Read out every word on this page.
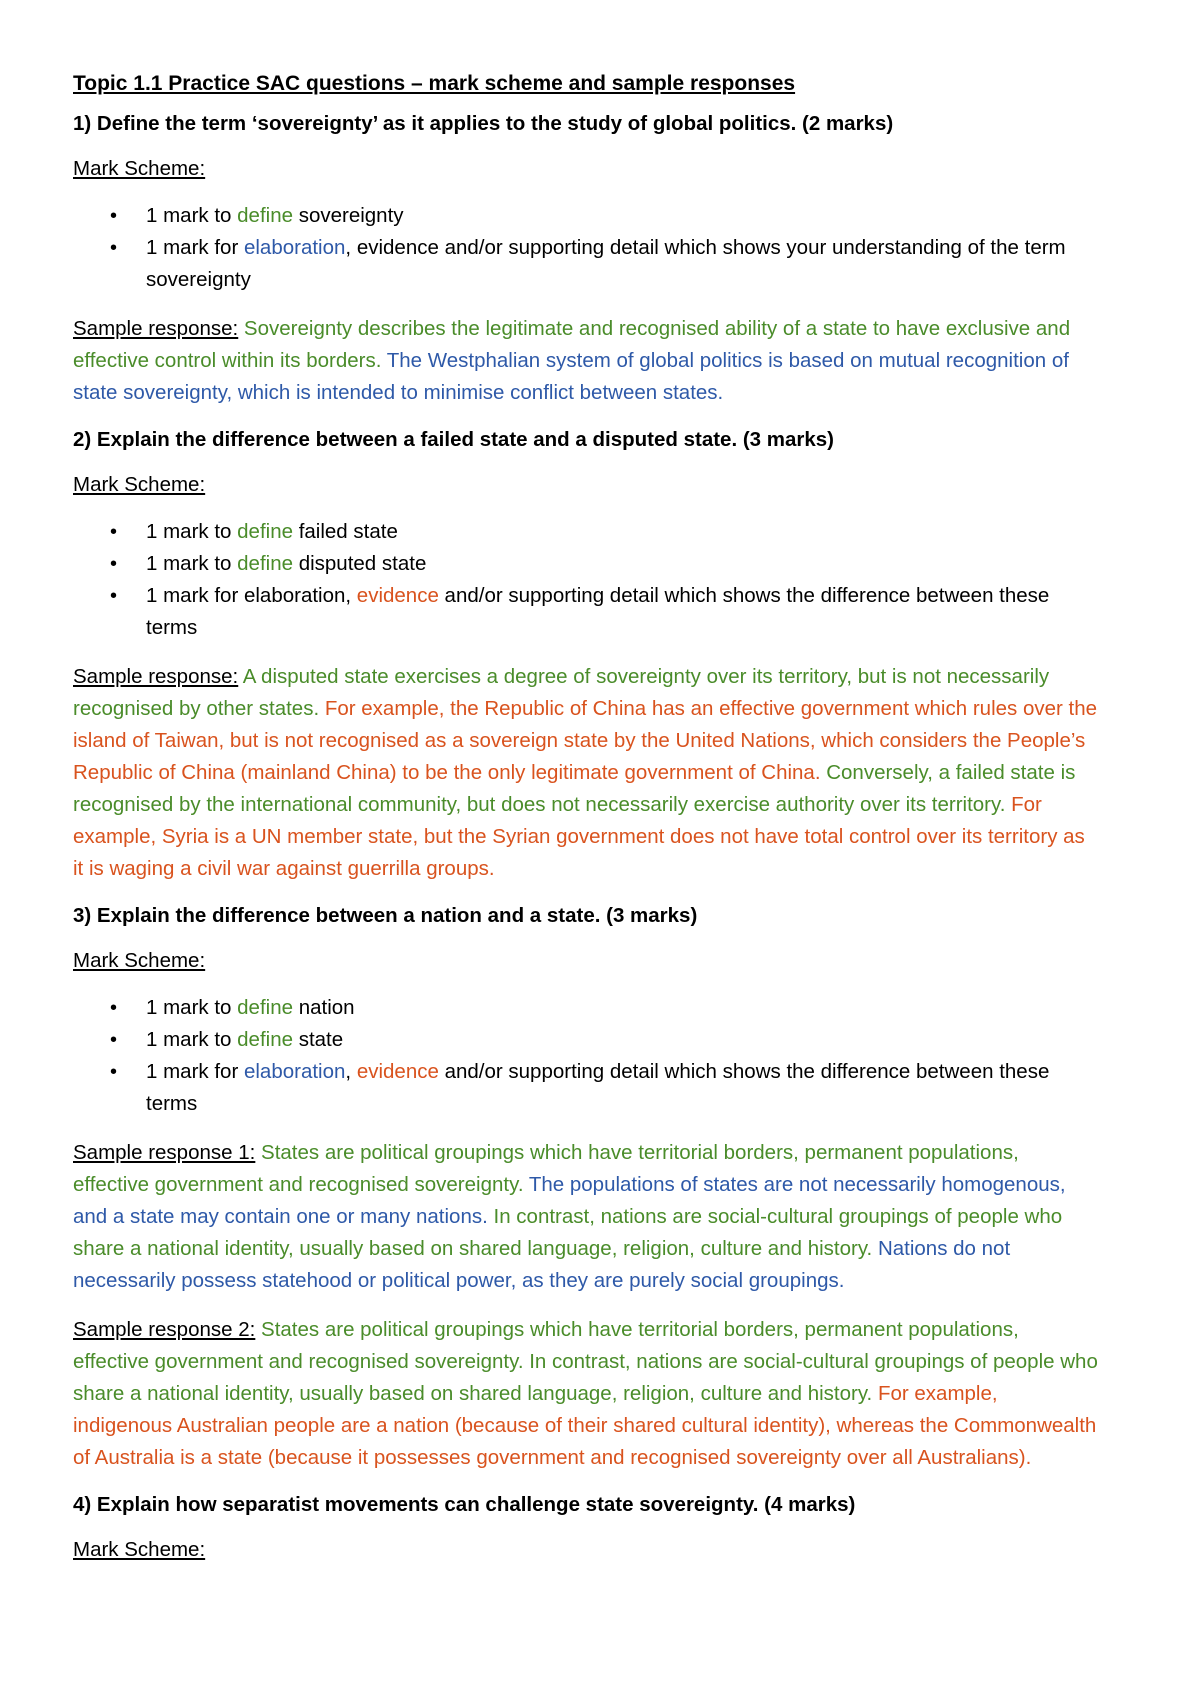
Topic 1.1 Practice SAC questions – mark scheme and sample responses

1) Define the term ‘sovereignty’ as it applies to the study of global politics. (2 marks)

Mark Scheme:

• 1 mark to define sovereignty
• 1 mark for elaboration, evidence and/or supporting detail which shows your understanding of the term sovereignty

Sample response: Sovereignty describes the legitimate and recognised ability of a state to have exclusive and effective control within its borders. The Westphalian system of global politics is based on mutual recognition of state sovereignty, which is intended to minimise conflict between states.

2) Explain the difference between a failed state and a disputed state. (3 marks)

Mark Scheme:

• 1 mark to define failed state
• 1 mark to define disputed state
• 1 mark for elaboration, evidence and/or supporting detail which shows the difference between these terms

Sample response: A disputed state exercises a degree of sovereignty over its territory, but is not necessarily recognised by other states. For example, the Republic of China has an effective government which rules over the island of Taiwan, but is not recognised as a sovereign state by the United Nations, which considers the People’s Republic of China (mainland China) to be the only legitimate government of China. Conversely, a failed state is recognised by the international community, but does not necessarily exercise authority over its territory. For example, Syria is a UN member state, but the Syrian government does not have total control over its territory as it is waging a civil war against guerrilla groups.

3) Explain the difference between a nation and a state. (3 marks)

Mark Scheme:

• 1 mark to define nation
• 1 mark to define state
• 1 mark for elaboration, evidence and/or supporting detail which shows the difference between these terms

Sample response 1: States are political groupings which have territorial borders, permanent populations, effective government and recognised sovereignty. The populations of states are not necessarily homogenous, and a state may contain one or many nations. In contrast, nations are social-cultural groupings of people who share a national identity, usually based on shared language, religion, culture and history. Nations do not necessarily possess statehood or political power, as they are purely social groupings.

Sample response 2: States are political groupings which have territorial borders, permanent populations, effective government and recognised sovereignty. In contrast, nations are social-cultural groupings of people who share a national identity, usually based on shared language, religion, culture and history. For example, indigenous Australian people are a nation (because of their shared cultural identity), whereas the Commonwealth of Australia is a state (because it possesses government and recognised sovereignty over all Australians).

4) Explain how separatist movements can challenge state sovereignty. (4 marks)

Mark Scheme:
